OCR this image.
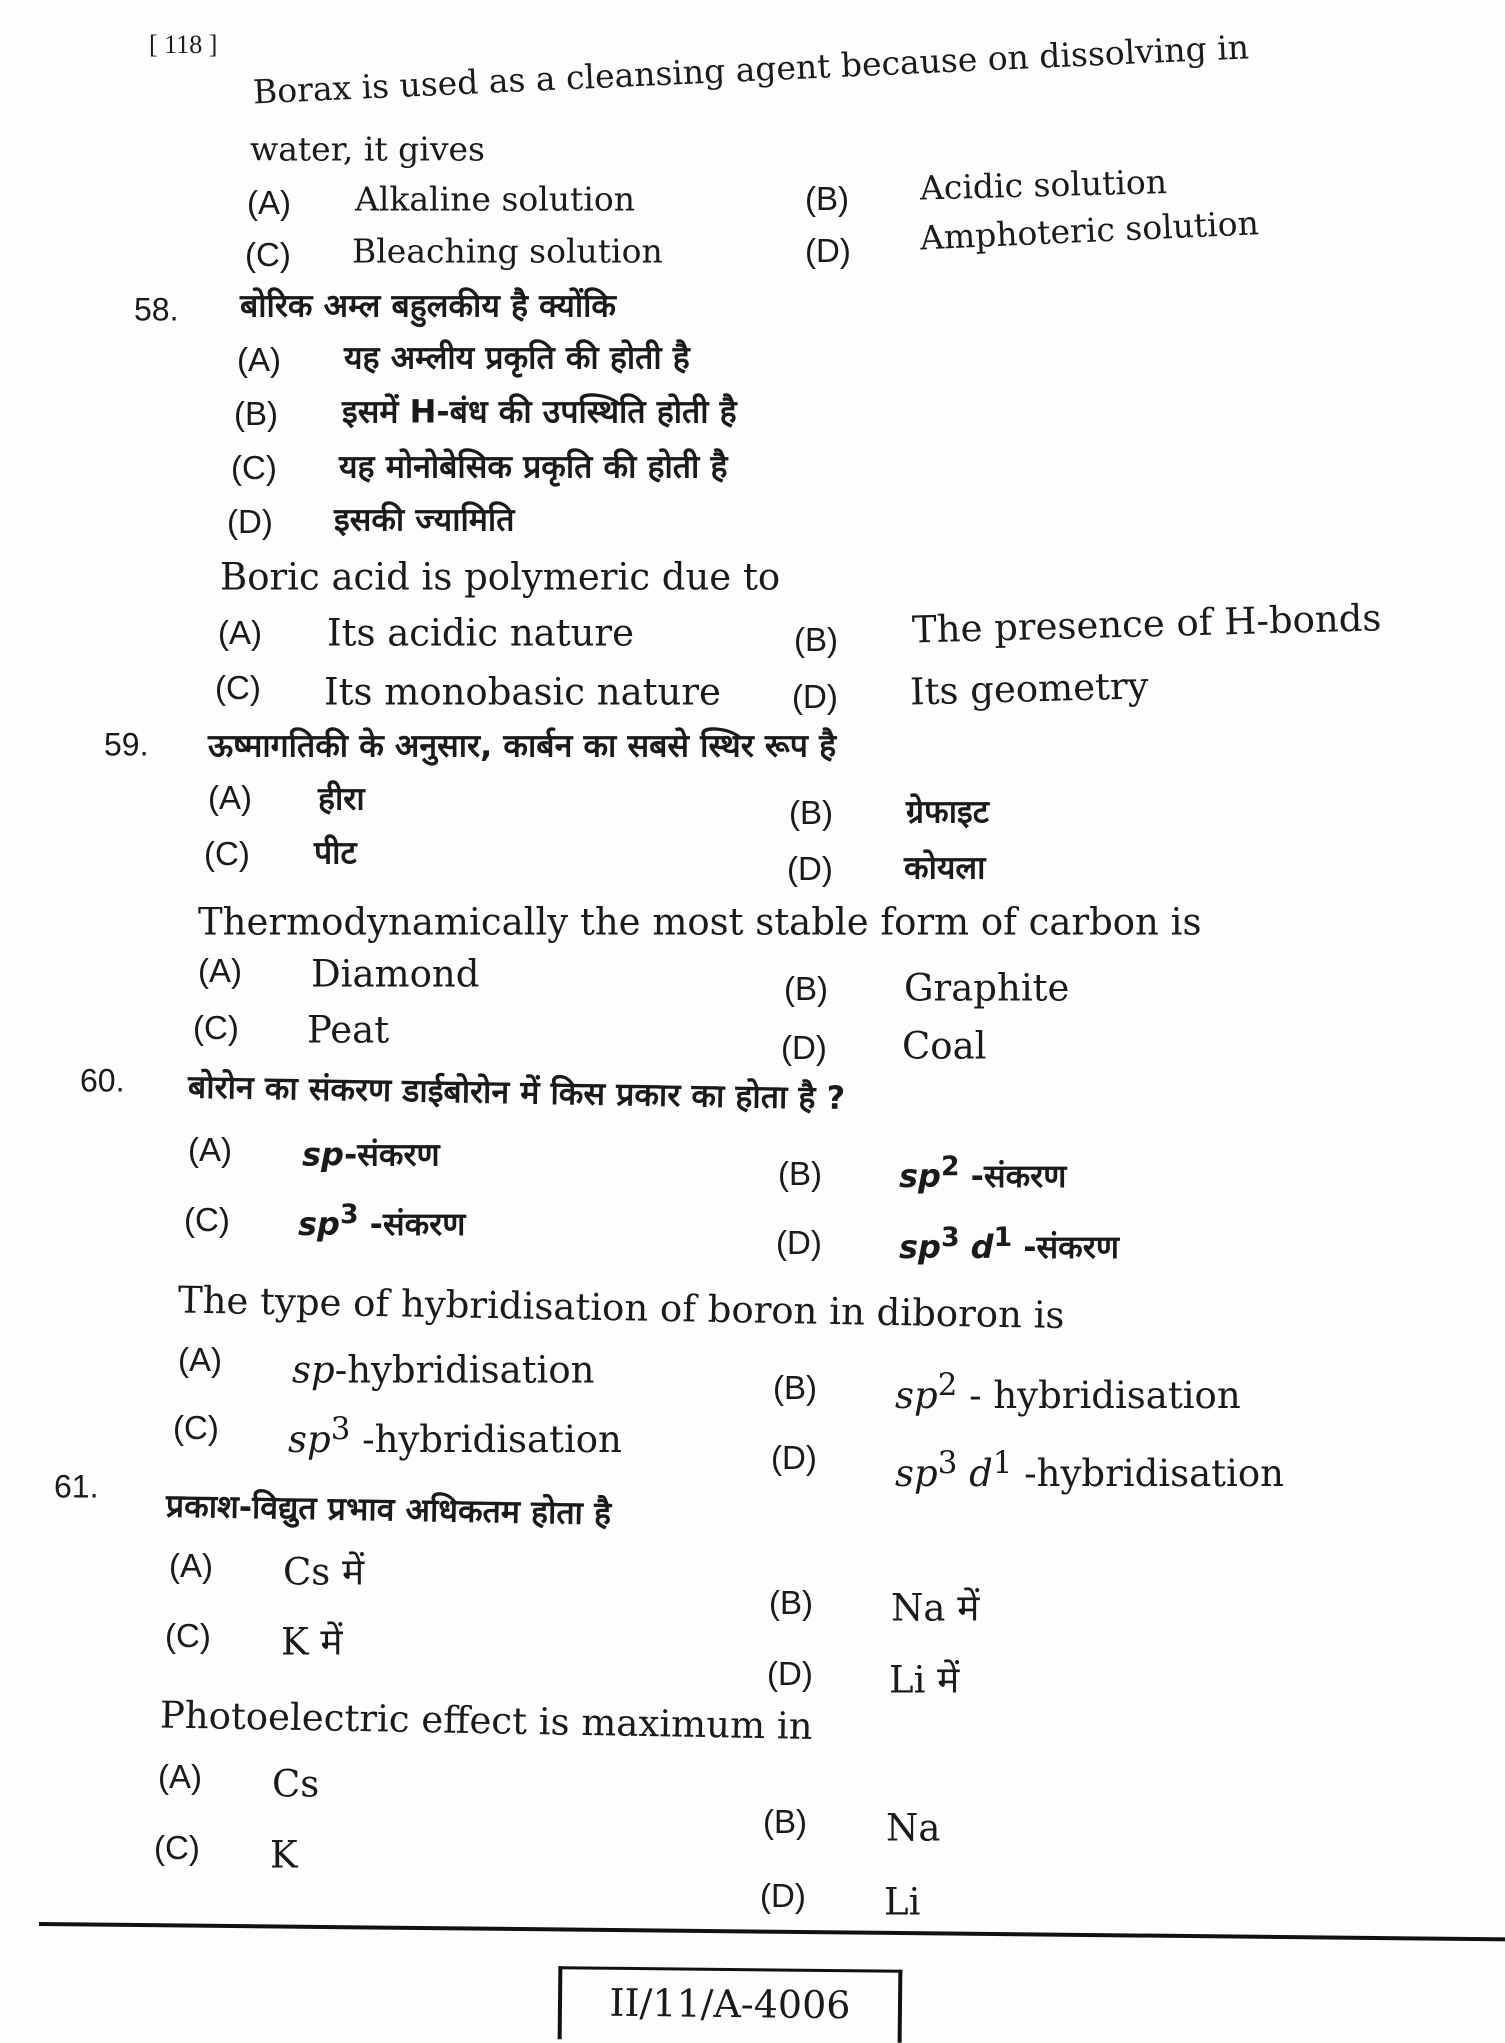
[ 118 ] Borax is used as a cleansing agent because on dissolving in
water, it gives
(A) Alkaline solution	(B) Acidic solution
(C) Bleaching solution	(D) Amphoteric solution
58. बोरिक अम्ल बहुलकीय है क्योंकि
(A) यह अम्लीय प्रकृति की होती है
(B) इसमें H-बंध की उपस्थिति होती है
(C) यह मोनोबेसिक प्रकृति की होती है
(D) इसकी ज्यामिति
Boric acid is polymeric due to
(A) Its acidic nature	(B) The presence of H-bonds
(C) Its monobasic nature (D) Its geometry
59. ऊष्मागतिकी के अनुसार, कार्बन का सबसे स्थिर रूप है
(A) हीरा	(B) ग्रेफाइट
(C) पीट	(D) कोयला
Thermodynamically the most stable form of carbon is
(A) Diamond	(B) Graphite
(C) Peat	(D) Coal
60. बोरोन का संकरण डाईबोरोन में किस प्रकार का होता है ?
(A) sp-संकरण	(B) $sp^2$ -संकरण
(C) $sp^3$ -संकरण	(D) $sp^3$ $d^1$ -संकरण
The type of hybridisation of boron in diboron is
(A) sp-hybridisation	(B) $sp^2$ - hybridisation
(C) $sp^3$ -hybridisation	(D) $sp^3$ $d^1$ -hybridisation
61.
प्रकाश-विद्युत प्रभाव अधिकतम होता है
(A) Cs में
(B) Na में
(C) K में
(D) Li में
Photoelectric effect is maximum in
(A) Cs
(B) Na
(C) K
(D) Li
II/11/A-4006
